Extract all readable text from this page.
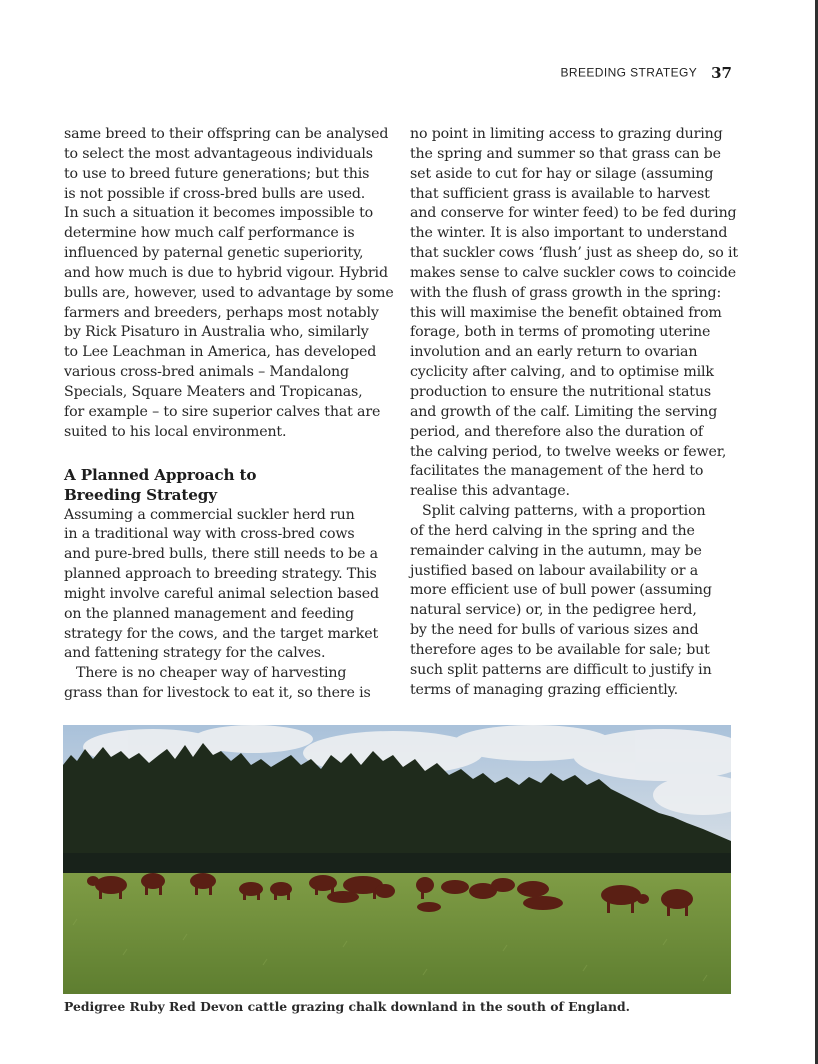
BREEDING STRATEGY 37

same breed to their offspring can be analysed
to select the most advantageous individuals
to use to breed future generations; but this
is not possible if cross-bred bulls are used.
In such a situation it becomes impossible to
determine how much calf performance is
influenced by paternal genetic superiority,
and how much is due to hybrid vigour. Hybrid
bulls are, however, used to advantage by some
farmers and breeders, perhaps most notably
by Rick Pisaturo in Australia who, similarly
to Lee Leachman in America, has developed
various cross-bred animals – Mandalong
Specials, Square Meaters and Tropicanas,
for example – to sire superior calves that are
suited to his local environment.

A Planned Approach to
Breeding Strategy

Assuming a commercial suckler herd run
in a traditional way with cross-bred cows
and pure-bred bulls, there still needs to be a
planned approach to breeding strategy. This
might involve careful animal selection based
on the planned management and feeding
strategy for the cows, and the target market
and fattening strategy for the calves.

There is no cheaper way of harvesting
grass than for livestock to eat it, so there is

no point in limiting access to grazing during
the spring and summer so that grass can be
set aside to cut for hay or silage (assuming
that sufficient grass is available to harvest
and conserve for winter feed) to be fed during
the winter. It is also important to understand
that suckler cows ‘flush’ just as sheep do, so it
makes sense to calve suckler cows to coincide
with the flush of grass growth in the spring:
this will maximise the benefit obtained from
forage, both in terms of promoting uterine
involution and an early return to ovarian
cyclicity after calving, and to optimise milk
production to ensure the nutritional status
and growth of the calf. Limiting the serving
period, and therefore also the duration of
the calving period, to twelve weeks or fewer,
facilitates the management of the herd to
realise this advantage.

Split calving patterns, with a proportion
of the herd calving in the spring and the
remainder calving in the autumn, may be
justified based on labour availability or a
more efficient use of bull power (assuming
natural service) or, in the pedigree herd,
by the need for bulls of various sizes and
therefore ages to be available for sale; but
such split patterns are difficult to justify in
terms of managing grazing efficiently.

Pedigree Ruby Red Devon cattle grazing chalk downland in the south of England.
